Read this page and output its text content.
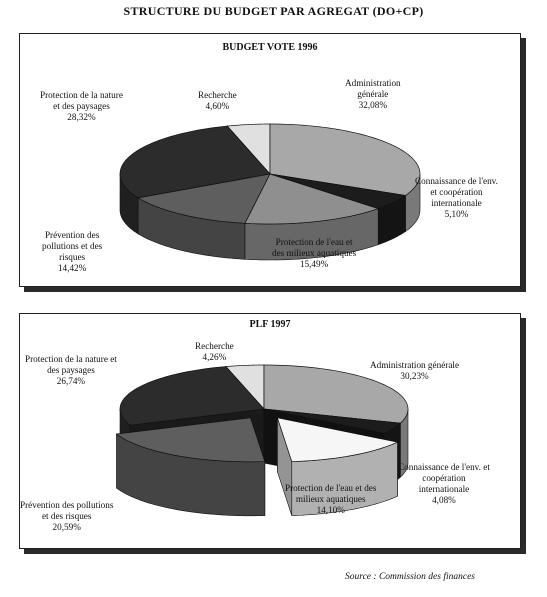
STRUCTURE DU BUDGET PAR AGREGAT (DO+CP)
BUDGET VOTE 1996
Administration
générale
32,08%
Connaissance de l'env.
et coopération
internationale
5,10%
Protection de l'eau et
des milieux aquatiques
15,49%
Prévention des
pollutions et des
risques
14,42%
Protection de la nature
et des paysages
28,32%
Recherche
4,60%
PLF 1997
Administration générale
30,23%
Connaissance de l'env. et
coopération
internationale
4,08%
Protection de l'eau et des
milieux aquatiques
14,10%
Prévention des pollutions
et des risques
20,59%
Protection de la nature et
des paysages
26,74%
Recherche
4,26%
Source : Commission des finances
